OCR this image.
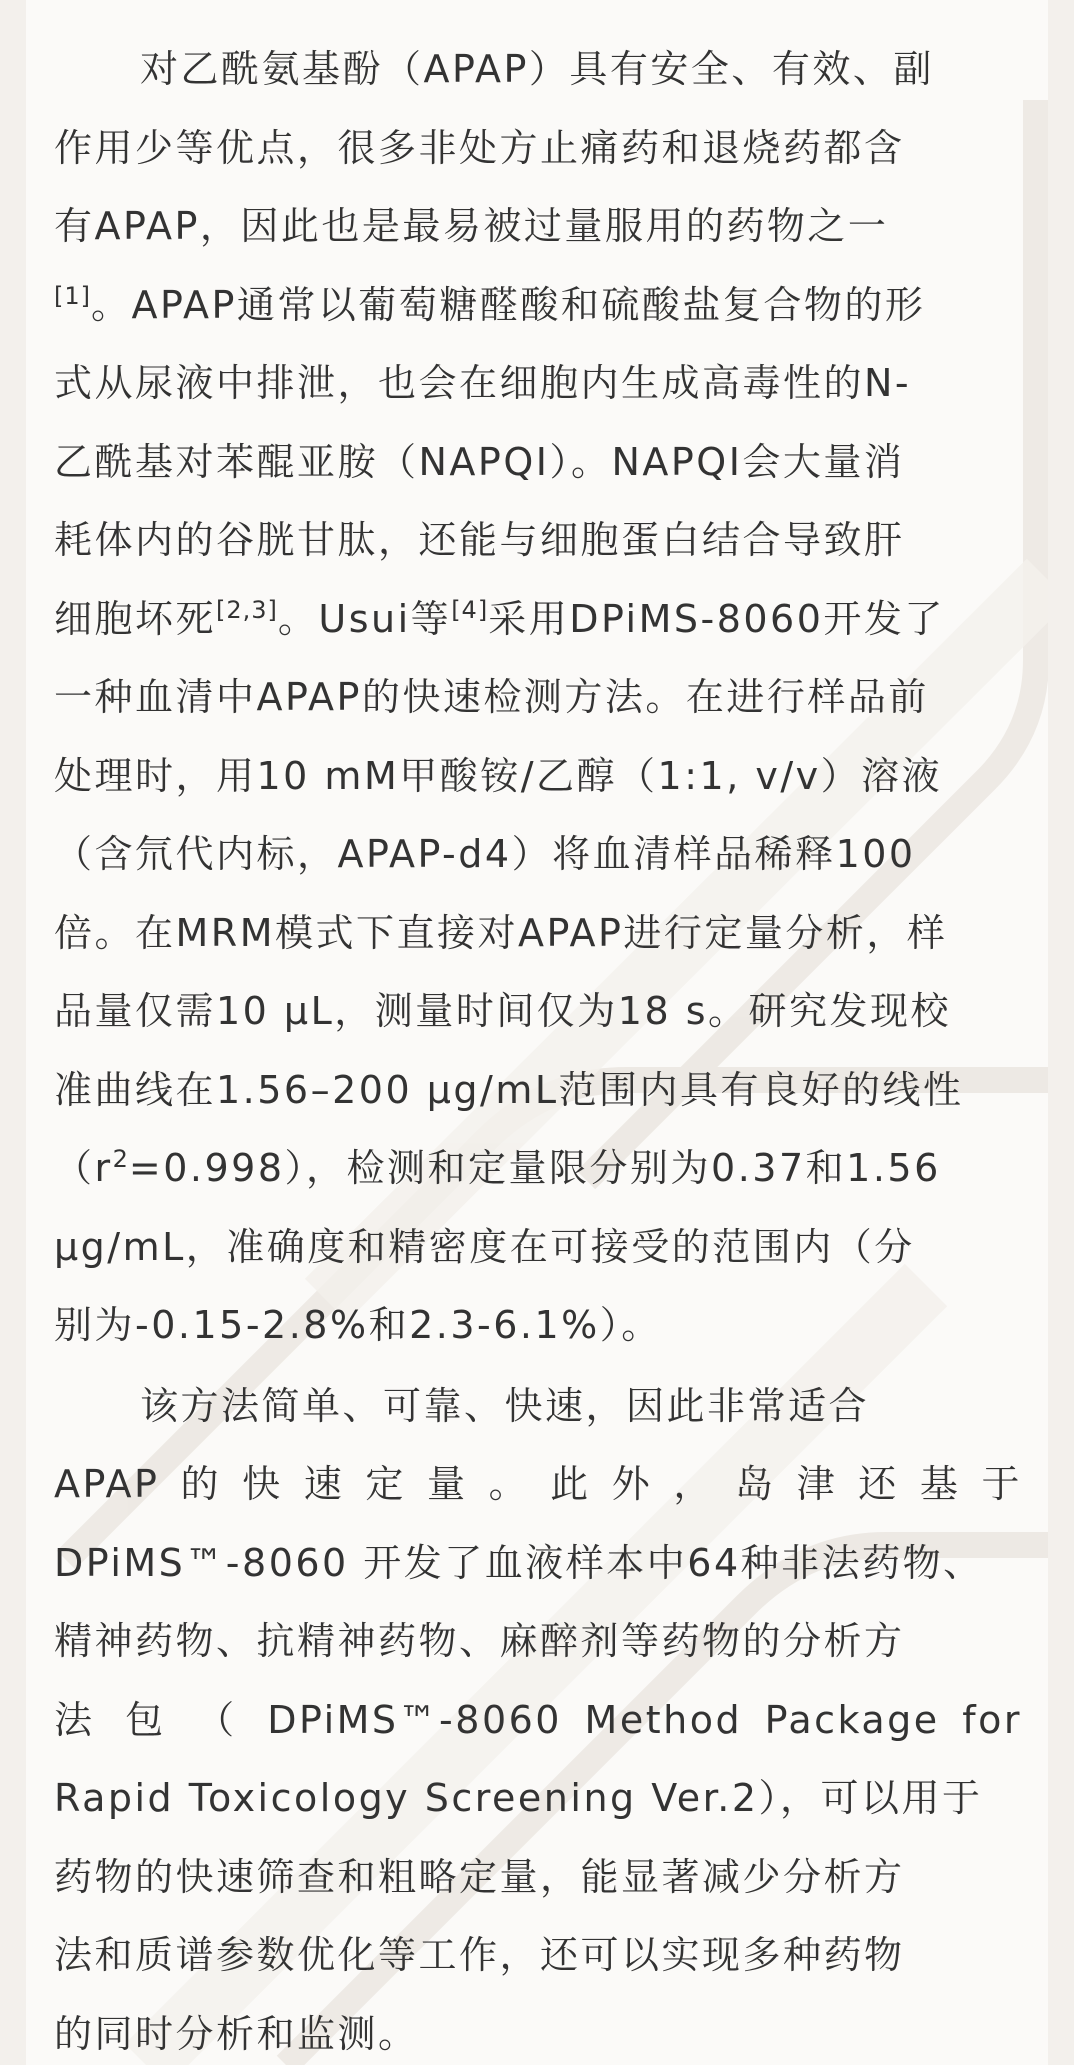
对乙酰氨基酚（APAP）具有安全、有效、副
作用少等优点，很多非处方止痛药和退烧药都含
有APAP，因此也是最易被过量服用的药物之一
[1]。APAP通常以葡萄糖醛酸和硫酸盐复合物的形
式从尿液中排泄，也会在细胞内生成高毒性的N-
乙酰基对苯醌亚胺（NAPQI）。NAPQI会大量消
耗体内的谷胱甘肽，还能与细胞蛋白结合导致肝
细胞坏死[2,3]。Usui等[4]采用DPiMS-8060开发了
一种血清中APAP的快速检测方法。在进行样品前
处理时，用10 mM甲酸铵/乙醇（1:1, v/v）溶液
（含氘代内标，APAP-d4）将血清样品稀释100
倍。在MRM模式下直接对APAP进行定量分析，样
品量仅需10 μL，测量时间仅为18 s。研究发现校
准曲线在1.56–200 μg/mL范围内具有良好的线性
$(r^2=0.998)$，检测和定量限分别为0.37和1.56
μg/mL，准确度和精密度在可接受的范围内（分
别为-0.15-2.8%和2.3-6.1%）。

该方法简单、可靠、快速，因此非常适合
APAP的快速定量。此外，岛津还基于
DPiMS™-8060 开发了血液样本中64种非法药物、
精神药物、抗精神药物、麻醉剂等药物的分析方
法 包 （ DPiMS™-8060 Method Package for
Rapid Toxicology Screening Ver.2），可以用于
药物的快速筛查和粗略定量，能显著减少分析方
法和质谱参数优化等工作，还可以实现多种药物
的同时分析和监测。
